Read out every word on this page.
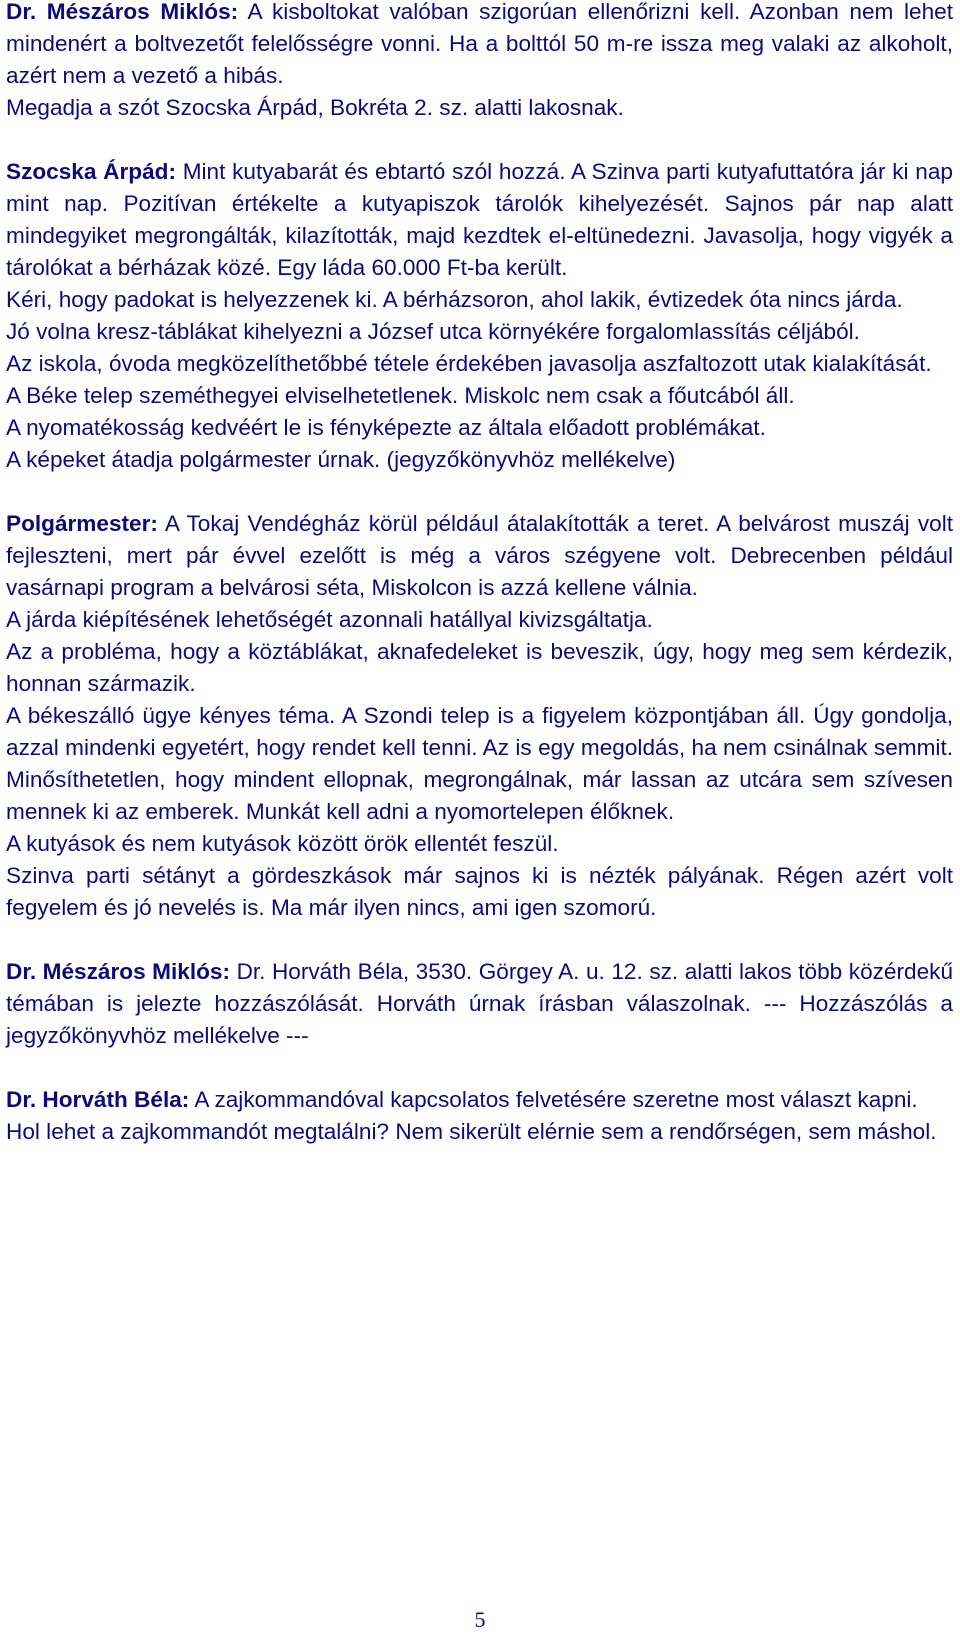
Dr. Mészáros Miklós: A kisboltokat valóban szigorúan ellenőrizni kell. Azonban nem lehet mindenért a boltvezetőt felelősségre vonni. Ha a bolttól 50 m-re issza meg valaki az alkoholt, azért nem a vezető a hibás.

Megadja a szót Szocska Árpád, Bokréta 2. sz. alatti lakosnak.

Szocska Árpád: Mint kutyabarát és ebtartó szól hozzá. A Szinva parti kutyafuttatóra jár ki nap mint nap. Pozitívan értékelte a kutyapiszok tárolók kihelyezését. Sajnos pár nap alatt mindegyiket megrongálták, kilazították, majd kezdtek el-eltünedezni. Javasolja, hogy vigyék a tárolókat a bérházak közé. Egy láda 60.000 Ft-ba került.

Kéri, hogy padokat is helyezzenek ki. A bérházsoron, ahol lakik, évtizedek óta nincs járda.

Jó volna kresz-táblákat kihelyezni a József utca környékére forgalomlassítás céljából.

Az iskola, óvoda megközelíthetőbbé tétele érdekében javasolja aszfaltozott utak kialakítását.

A Béke telep szeméthegyei elviselhetetlenek. Miskolc nem csak a főutcából áll.

A nyomatékosság kedvéért le is fényképezte az általa előadott problémákat.

A képeket átadja polgármester úrnak. (jegyzőkönyvhöz mellékelve)

Polgármester: A Tokaj Vendégház körül például átalakították a teret. A belvárost muszáj volt fejleszteni, mert pár évvel ezelőtt is még a város szégyene volt. Debrecenben például vasárnapi program a belvárosi séta, Miskolcon is azzá kellene válnia.

A járda kiépítésének lehetőségét azonnali hatállyal kivizsgáltatja.

Az a probléma, hogy a köztáblákat, aknafedeleket is beveszik, úgy, hogy meg sem kérdezik, honnan származik.

A békeszálló ügye kényes téma. A Szondi telep is a figyelem központjában áll. Úgy gondolja, azzal mindenki egyetért, hogy rendet kell tenni. Az is egy megoldás, ha nem csinálnak semmit. Minősíthetetlen, hogy mindent ellopnak, megrongálnak, már lassan az utcára sem szívesen mennek ki az emberek. Munkát kell adni a nyomortelepen élőknek.

A kutyások és nem kutyások között örök ellentét feszül.

Szinva parti sétányt a gördeszkások már sajnos ki is nézték pályának. Régen azért volt fegyelem és jó nevelés is. Ma már ilyen nincs, ami igen szomorú.

Dr. Mészáros Miklós: Dr. Horváth Béla, 3530. Görgey A. u. 12. sz. alatti lakos több közérdekű témában is jelezte hozzászólását. Horváth úrnak írásban válaszolnak. --- Hozzászólás a jegyzőkönyvhöz mellékelve ---

Dr. Horváth Béla: A zajkommandóval kapcsolatos felvetésére szeretne most választ kapni. Hol lehet a zajkommandót megtalálni? Nem sikerült elérnie sem a rendőrségen, sem máshol.

5
